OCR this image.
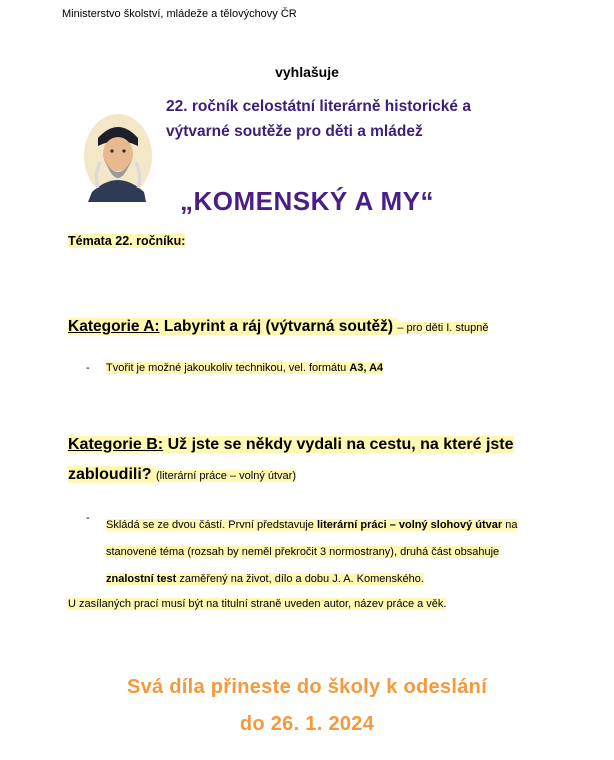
Ministerstvo školství, mládeže a tělovýchovy ČR
vyhlašuje
22. ročník celostátní literárně historické a
výtvarné soutěže pro děti a mládež
„KOMENSKÝ A MY“
Témata 22. ročníku:
Kategorie A: Labyrint a ráj (výtvarná soutěž) – pro děti I. stupně
- Tvořit je možné jakoukoliv technikou, vel. formátu A3, A4
Kategorie B: Už jste se někdy vydali na cestu, na které jste zabloudili? (literární práce – volný útvar)
-
Skládá se ze dvou částí. První představuje literární práci – volný slohový útvar na stanovené téma (rozsah by neměl překročit 3 normostrany), druhá část obsahuje znalostní test zaměřený na život, dílo a dobu J. A. Komenského.
U zasílaných prací musí být na titulní straně uveden autor, název práce a věk.
Svá díla přineste do školy k odeslání
do 26. 1. 2024
